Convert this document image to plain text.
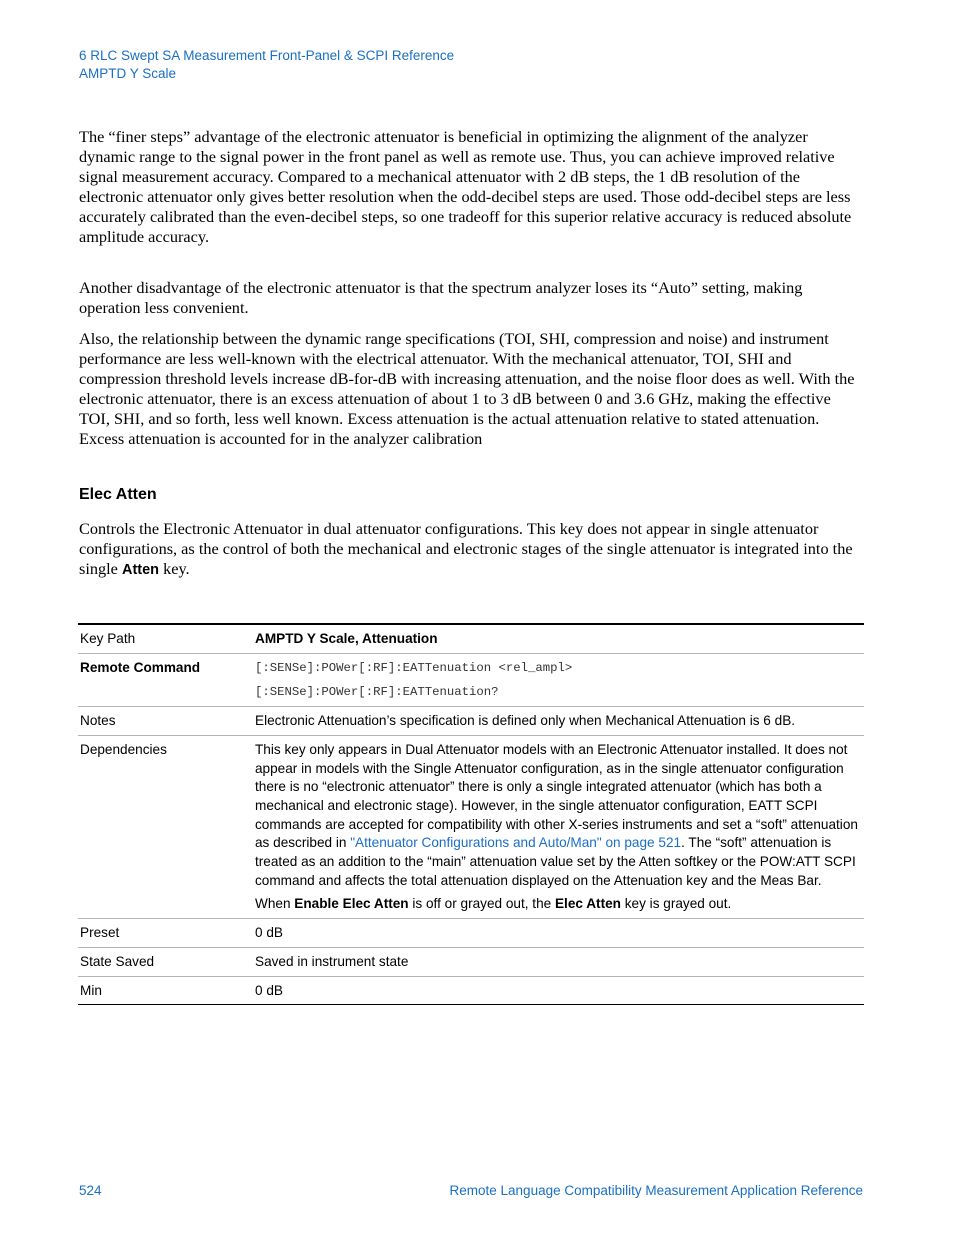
6 RLC Swept SA Measurement Front-Panel & SCPI Reference
AMPTD Y Scale

The “finer steps” advantage of the electronic attenuator is beneficial in optimizing the alignment of the analyzer dynamic range to the signal power in the front panel as well as remote use. Thus, you can achieve improved relative signal measurement accuracy. Compared to a mechanical attenuator with 2 dB steps, the 1 dB resolution of the electronic attenuator only gives better resolution when the odd-decibel steps are used. Those odd-decibel steps are less accurately calibrated than the even-decibel steps, so one tradeoff for this superior relative accuracy is reduced absolute amplitude accuracy.

Another disadvantage of the electronic attenuator is that the spectrum analyzer loses its “Auto” setting, making operation less convenient.

Also, the relationship between the dynamic range specifications (TOI, SHI, compression and noise) and instrument performance are less well-known with the electrical attenuator. With the mechanical attenuator, TOI, SHI and compression threshold levels increase dB-for-dB with increasing attenuation, and the noise floor does as well. With the electronic attenuator, there is an excess attenuation of about 1 to 3 dB between 0 and 3.6 GHz, making the effective TOI, SHI, and so forth, less well known. Excess attenuation is the actual attenuation relative to stated attenuation. Excess attenuation is accounted for in the analyzer calibration

Elec Atten

Controls the Electronic Attenuator in dual attenuator configurations. This key does not appear in single attenuator configurations, as the control of both the mechanical and electronic stages of the single attenuator is integrated into the single Atten key.

Key Path	AMPTD Y Scale, Attenuation
Remote Command	[:SENSe]:POWer[:RF]:EATTenuation <rel_ampl>
[:SENSe]:POWer[:RF]:EATTenuation?

Notes	Electronic Attenuation’s specification is defined only when Mechanical Attenuation is 6 dB.
Dependencies	This key only appears in Dual Attenuator models with an Electronic Attenuator installed. It does not appear in models with the Single Attenuator configuration, as in the single attenuator configuration there is no “electronic attenuator” there is only a single integrated attenuator (which has both a mechanical and electronic stage). However, in the single attenuator configuration, EATT SCPI commands are accepted for compatibility with other X-series instruments and set a “soft” attenuation as described in "Attenuator Configurations and Auto/Man" on page 521. The “soft” attenuation is treated as an addition to the “main” attenuation value set by the Atten softkey or the POW:ATT SCPI command and affects the total attenuation displayed on the Attenuation key and the Meas Bar.
When Enable Elec Atten is off or grayed out, the Elec Atten key is grayed out.

Preset	0 dB
State Saved	Saved in instrument state
Min	0 dB
524	Remote Language Compatibility Measurement Application Reference
